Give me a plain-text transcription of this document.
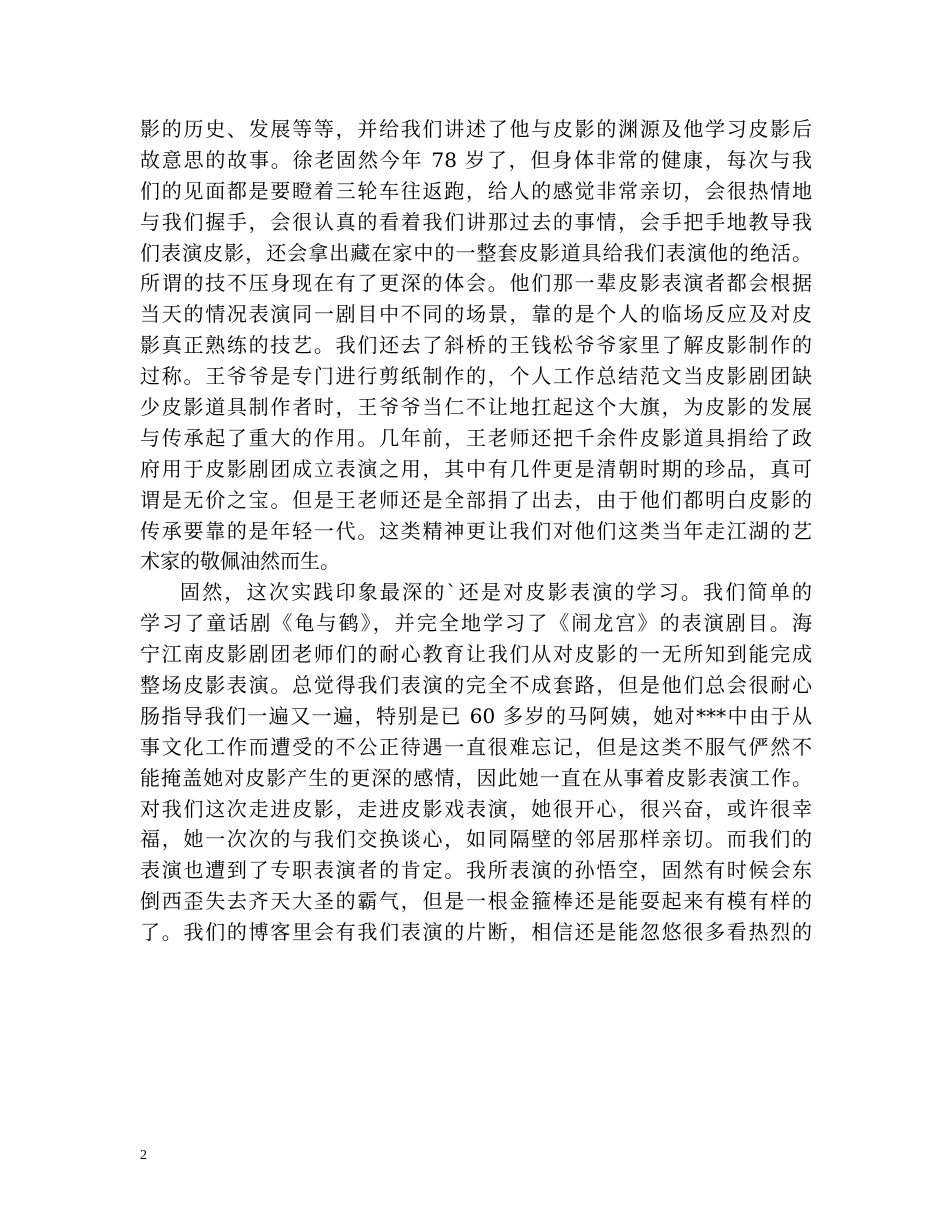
影的历史、发展等等，并给我们讲述了他与皮影的渊源及他学习皮影后
故意思的故事。徐老固然今年 78 岁了，但身体非常的健康，每次与我
们的见面都是要瞪着三轮车往返跑，给人的感觉非常亲切，会很热情地
与我们握手，会很认真的看着我们讲那过去的事情，会手把手地教导我
们表演皮影，还会拿出藏在家中的一整套皮影道具给我们表演他的绝活。
所谓的技不压身现在有了更深的体会。他们那一辈皮影表演者都会根据
当天的情况表演同一剧目中不同的场景，靠的是个人的临场反应及对皮
影真正熟练的技艺。我们还去了斜桥的王钱松爷爷家里了解皮影制作的
过称。王爷爷是专门进行剪纸制作的，个人工作总结范文当皮影剧团缺
少皮影道具制作者时，王爷爷当仁不让地扛起这个大旗，为皮影的发展
与传承起了重大的作用。几年前，王老师还把千余件皮影道具捐给了政
府用于皮影剧团成立表演之用，其中有几件更是清朝时期的珍品，真可
谓是无价之宝。但是王老师还是全部捐了出去，由于他们都明白皮影的
传承要靠的是年轻一代。这类精神更让我们对他们这类当年走江湖的艺
术家的敬佩油然而生。
固然，这次实践印象最深的`还是对皮影表演的学习。我们简单的
学习了童话剧《龟与鹤》，并完全地学习了《闹龙宫》的表演剧目。海
宁江南皮影剧团老师们的耐心教育让我们从对皮影的一无所知到能完成
整场皮影表演。总觉得我们表演的完全不成套路，但是他们总会很耐心
肠指导我们一遍又一遍，特别是已 60 多岁的马阿姨，她对***中由于从
事文化工作而遭受的不公正待遇一直很难忘记，但是这类不服气俨然不
能掩盖她对皮影产生的更深的感情，因此她一直在从事着皮影表演工作。
对我们这次走进皮影，走进皮影戏表演，她很开心，很兴奋，或许很幸
福，她一次次的与我们交换谈心，如同隔壁的邻居那样亲切。而我们的
表演也遭到了专职表演者的肯定。我所表演的孙悟空，固然有时候会东
倒西歪失去齐天大圣的霸气，但是一根金箍棒还是能耍起来有模有样的
了。我们的博客里会有我们表演的片断，相信还是能忽悠很多看热烈的
2
